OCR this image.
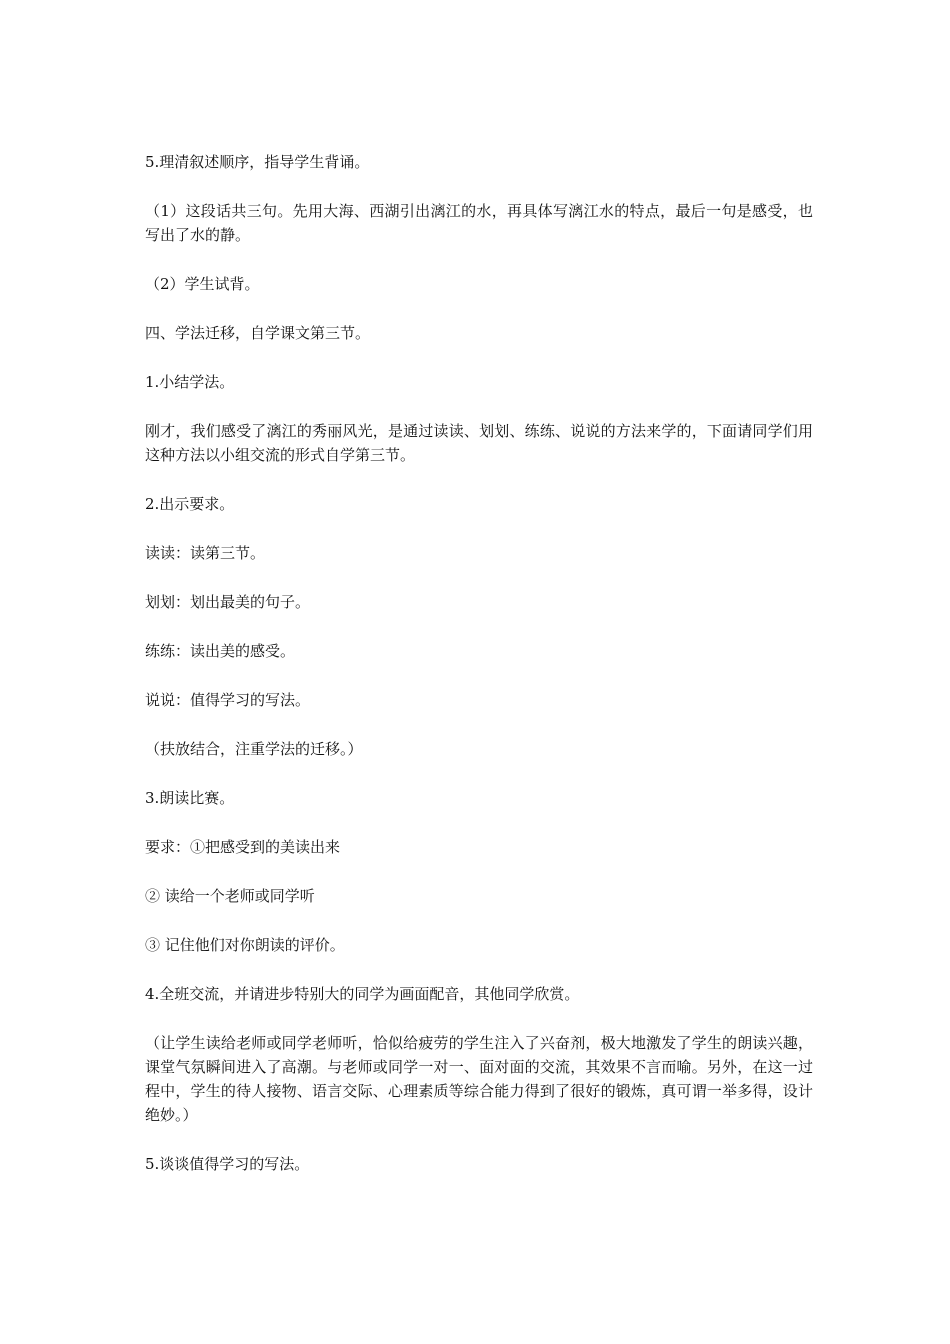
5.理清叙述顺序，指导学生背诵。

（1）这段话共三句。先用大海、西湖引出漓江的水，再具体写漓江水的特点，最后一句是感受，也写出了水的静。

（2）学生试背。

四、学法迁移，自学课文第三节。

1.小结学法。

刚才，我们感受了漓江的秀丽风光，是通过读读、划划、练练、说说的方法来学的，下面请同学们用这种方法以小组交流的形式自学第三节。

2.出示要求。

读读：读第三节。

划划：划出最美的句子。

练练：读出美的感受。

说说：值得学习的写法。

（扶放结合，注重学法的迁移。）

3.朗读比赛。

要求：①把感受到的美读出来

② 读给一个老师或同学听

③ 记住他们对你朗读的评价。

4.全班交流，并请进步特别大的同学为画面配音，其他同学欣赏。

（让学生读给老师或同学老师听，恰似给疲劳的学生注入了兴奋剂，极大地激发了学生的朗读兴趣，课堂气氛瞬间进入了高潮。与老师或同学一对一、面对面的交流，其效果不言而喻。另外，在这一过程中，学生的待人接物、语言交际、心理素质等综合能力得到了很好的锻炼，真可谓一举多得，设计绝妙。）

5.谈谈值得学习的写法。
